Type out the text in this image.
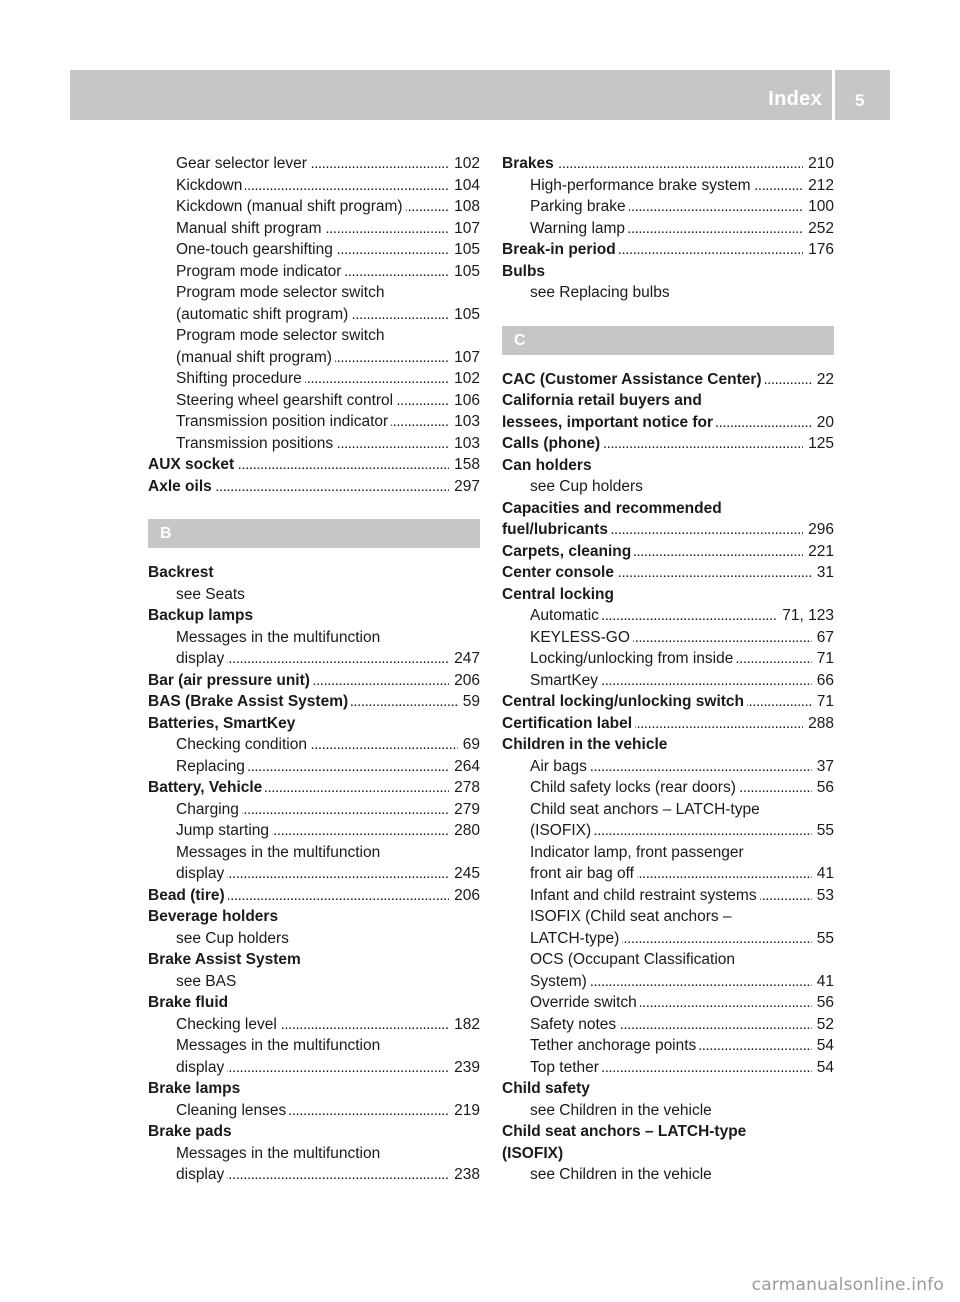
Index 5
. . . Gear selector lever	102
. . . Kickdown	104
. . . Kickdown (manual shift program)	108
. . . Manual shift program	107
. . . One-touch gearshifting	105
. . . Program mode indicator	105
Program mode selector switch
. . . (automatic shift program)	105
Program mode selector switch
. . . (manual shift program)	107
. . . Shifting procedure	102
. . . Steering wheel gearshift control	106
. . . Transmission position indicator	103
. . . Transmission positions	103
. . . AUX socket	158
. . . Axle oils	297
B
Backrest
see Seats
Backup lamps
Messages in the multifunction
. . . display	247
. . . Bar (air pressure unit)	206
. . . BAS (Brake Assist System)	59
Batteries, SmartKey
. . . Checking condition	69
. . . Replacing	264
. . . Battery, Vehicle	278
. . . Charging	279
. . . Jump starting	280
Messages in the multifunction
. . . display	245
. . . Bead (tire)	206
Beverage holders
see Cup holders
Brake Assist System
see BAS
Brake fluid
. . . Checking level	182
Messages in the multifunction
. . . display	239
Brake lamps
. . . Cleaning lenses	219
Brake pads
Messages in the multifunction
. . . display	238
. . . Brakes	210
. . . High-performance brake system	212
. . . Parking brake	100
. . . Warning lamp	252
. . . Break-in period	176
Bulbs
see Replacing bulbs
C
. . . CAC (Customer Assistance Center)	22
California retail buyers and
. . . lessees, important notice for	20
. . . Calls (phone)	125
Can holders
see Cup holders
Capacities and recommended
. . . fuel/lubricants	296
. . . Carpets, cleaning	221
. . . Center console	31
Central locking
. . . Automatic	71, 123
. . . KEYLESS-GO	67
. . . Locking/unlocking from inside	71
. . . SmartKey	66
. . . Central locking/unlocking switch	71
. . . Certification label	288
Children in the vehicle
. . . Air bags	37
. . . Child safety locks (rear doors)	56
Child seat anchors – LATCH-type
. . . (ISOFIX)	55
Indicator lamp, front passenger
. . . front air bag off	41
. . . Infant and child restraint systems	53
ISOFIX (Child seat anchors –
. . . LATCH-type)	55
OCS (Occupant Classification
. . . System)	41
. . . Override switch	56
. . . Safety notes	52
. . . Tether anchorage points	54
. . . Top tether	54
Child safety
see Children in the vehicle
Child seat anchors – LATCH-type
(ISOFIX)
see Children in the vehicle
carmanualsonline.info
